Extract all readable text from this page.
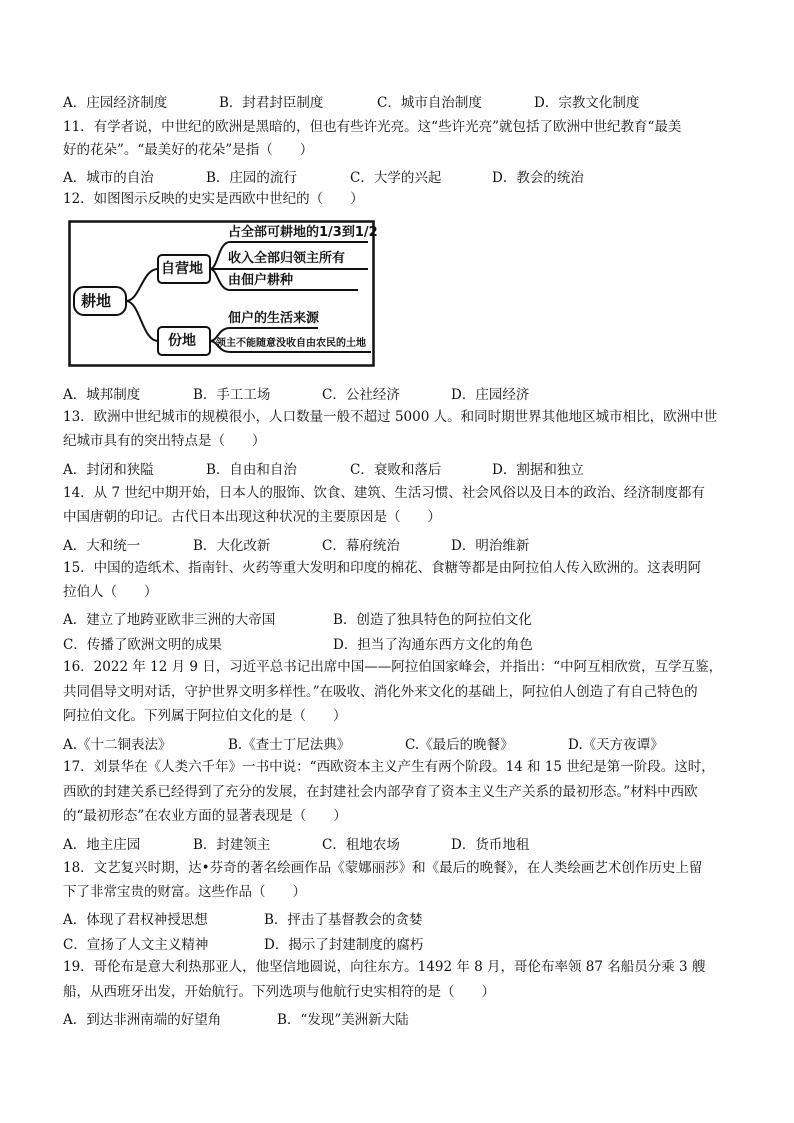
A．庄园经济制度	B．封君封臣制度	C．城市自治制度	D．宗教文化制度
11．有学者说，中世纪的欧洲是黑暗的，但也有些许光亮。这“些许光亮”就包括了欧洲中世纪教育“最美
好的花朵”。“最美好的花朵”是指（　　）
A．城市的自治	B．庄园的流行	C．大学的兴起	D．教会的统治
12．如图图示反映的史实是西欧中世纪的（　　）
耕地
自营地
份地
占全部可耕地的1/3到1/2
收入全部归领主所有
由佃户耕种
佃户的生活来源
领主不能随意没收自由农民的土地
A．城邦制度	B．手工工场	C．公社经济	D．庄园经济
13．欧洲中世纪城市的规模很小，人口数量一般不超过 5000 人。和同时期世界其他地区城市相比，欧洲中世
纪城市具有的突出特点是（　　）
A．封闭和狭隘	B．自由和自治	C．衰败和落后	D．割据和独立
14．从 7 世纪中期开始，日本人的服饰、饮食、建筑、生活习惯、社会风俗以及日本的政治、经济制度都有
中国唐朝的印记。古代日本出现这种状况的主要原因是（　　）
A．大和统一	B．大化改新	C．幕府统治	D．明治维新
15．中国的造纸术、指南针、火药等重大发明和印度的棉花、食糖等都是由阿拉伯人传入欧洲的。这表明阿
拉伯人（　　）
A．建立了地跨亚欧非三洲的大帝国	B．创造了独具特色的阿拉伯文化
C．传播了欧洲文明的成果	D．担当了沟通东西方文化的角色
16．2022 年 12 月 9 日，习近平总书记出席中国——阿拉伯国家峰会，并指出：“中阿互相欣赏，互学互鉴，
共同倡导文明对话，守护世界文明多样性。”在吸收、消化外来文化的基础上，阿拉伯人创造了有自己特色的
阿拉伯文化。下列属于阿拉伯文化的是（　　）
A.《十二铜表法》	B.《查士丁尼法典》	C.《最后的晚餐》	D.《天方夜谭》
17．刘景华在《人类六千年》一书中说：“西欧资本主义产生有两个阶段。14 和 15 世纪是第一阶段。这时，
西欧的封建关系已经得到了充分的发展，在封建社会内部孕育了资本主义生产关系的最初形态。”材料中西欧
的“最初形态”在农业方面的显著表现是（　　）
A．地主庄园	B．封建领主	C．租地农场	D．货币地租
18．文艺复兴时期，达•芬奇的著名绘画作品《蒙娜丽莎》和《最后的晚餐》，在人类绘画艺术创作历史上留
下了非常宝贵的财富。这些作品（　　）
A．体现了君权神授思想	B．抨击了基督教会的贪婪
C．宣扬了人文主义精神	D．揭示了封建制度的腐朽
19．哥伦布是意大利热那亚人，他坚信地圆说，向往东方。1492 年 8 月，哥伦布率领 87 名船员分乘 3 艘
船，从西班牙出发，开始航行。下列选项与他航行史实相符的是（　　）
A．到达非洲南端的好望角	B．“发现”美洲新大陆
